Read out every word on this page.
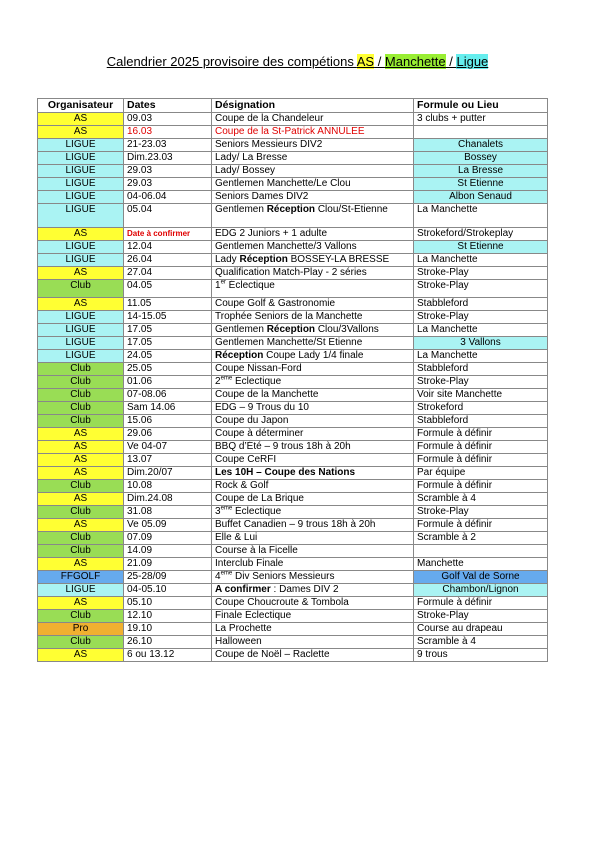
Calendrier 2025 provisoire des compétions AS / Manchette / Ligue
Organisateur	Dates	Désignation	Formule ou Lieu
AS	09.03	Coupe de la Chandeleur	3 clubs + putter
AS	16.03	Coupe de la St-Patrick ANNULEE	
LIGUE	21-23.03	Seniors Messieurs DIV2	Chanalets
LIGUE	Dim.23.03	Lady/ La Bresse	Bossey
LIGUE	29.03	Lady/ Bossey	La Bresse
LIGUE	29.03	Gentlemen Manchette/Le Clou	St Etienne
LIGUE	04-06.04	Seniors Dames DIV2	Albon Senaud
LIGUE	05.04	Gentlemen Réception Clou/St-Etienne	La Manchette
AS	Date à confirmer	EDG 2 Juniors + 1 adulte	Strokeford/Strokeplay
LIGUE	12.04	Gentlemen Manchette/3 Vallons	St Etienne
LIGUE	26.04	Lady Réception BOSSEY-LA BRESSE	La Manchette
AS	27.04	Qualification Match-Play - 2 séries	Stroke-Play
Club	04.05	1er Éclectique	Stroke-Play
AS	11.05	Coupe Golf & Gastronomie	Stabbleford
LIGUE	14-15.05	Trophée Seniors de la Manchette	Stroke-Play
LIGUE	17.05	Gentlemen Réception Clou/3Vallons	La Manchette
LIGUE	17.05	Gentlemen Manchette/St Etienne	3 Vallons
LIGUE	24.05	Réception Coupe Lady 1/4 finale	La Manchette
Club	25.05	Coupe Nissan-Ford	Stabbleford
Club	01.06	2ème Éclectique	Stroke-Play
Club	07-08.06	Coupe de la Manchette	Voir site Manchette
Club	Sam 14.06	EDG – 9 Trous du 10	Strokeford
Club	15.06	Coupe du Japon	Stabbleford
AS	29.06	Coupe à déterminer	Formule à définir
AS	Ve 04-07	BBQ d’Été – 9 trous 18h à 20h	Formule à définir
AS	13.07	Coupe CeRFI	Formule à définir
AS	Dim.20/07	Les 10H – Coupe des Nations	Par équipe
Club	10.08	Rock & Golf	Formule à définir
AS	Dim.24.08	Coupe de La Brique	Scramble à 4
Club	31.08	3ème Éclectique	Stroke-Play
AS	Ve 05.09	Buffet Canadien – 9 trous 18h à 20h	Formule à définir
Club	07.09	Elle & Lui	Scramble à 2
Club	14.09	Course à la Ficelle	
AS	21.09	Interclub Finale	Manchette
FFGOLF	25-28/09	4ème Div Seniors Messieurs	Golf Val de Sorne
LIGUE	04-05.10	A confirmer : Dames DIV 2	Chambon/Lignon
AS	05.10	Coupe Choucroute & Tombola	Formule à définir
Club	12.10	Finale Éclectique	Stroke-Play
Pro	19.10	La Prochette	Course au drapeau
Club	26.10	Halloween	Scramble à 4
AS	6 ou 13.12	Coupe de Noël – Raclette	9 trous
